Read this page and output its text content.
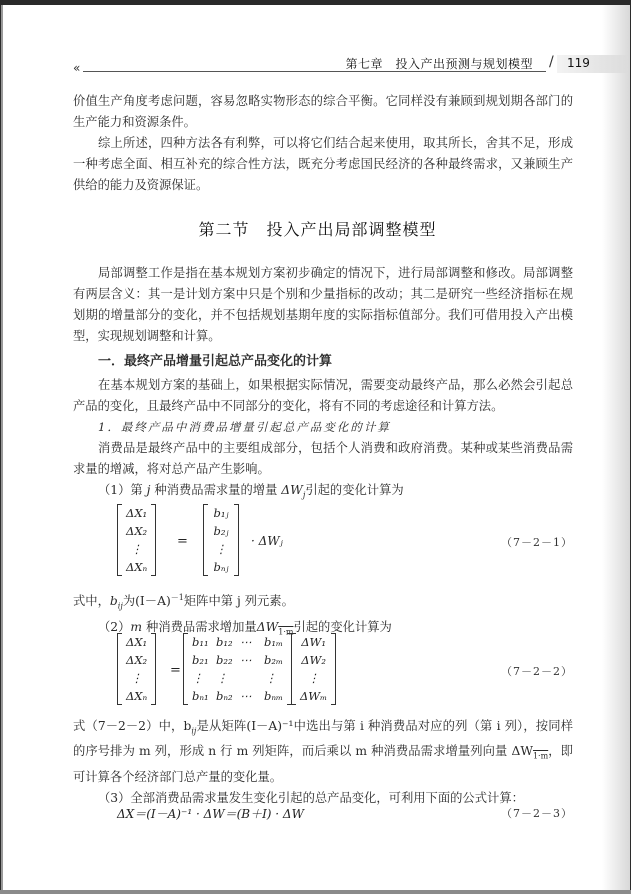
«	第七章　投入产出预测与规划模型 / 119

价值生产角度考虑问题，容易忽略实物形态的综合平衡。它同样没有兼顾到规划期各部门的生产能力和资源条件。

综上所述，四种方法各有利弊，可以将它们结合起来使用，取其所长，舍其不足，形成一种考虑全面、相互补充的综合性方法，既充分考虑国民经济的各种最终需求，又兼顾生产供给的能力及资源保证。

第二节　投入产出局部调整模型

局部调整工作是指在基本规划方案初步确定的情况下，进行局部调整和修改。局部调整有两层含义：其一是计划方案中只是个别和少量指标的改动；其二是研究一些经济指标在规划期的增量部分的变化，并不包括规划基期年度的实际指标值部分。我们可借用投入产出模型，实现规划调整和计算。

一．最终产品增量引起总产品变化的计算

在基本规划方案的基础上，如果根据实际情况，需要变动最终产品，那么必然会引起总产品的变化，且最终产品中不同部分的变化，将有不同的考虑途径和计算方法。

1．最终产品中消费品增量引起总产品变化的计算

消费品是最终产品中的主要组成部分，包括个人消费和政府消费。某种或某些消费品需求量的增减，将对总产品产生影响。

（1）第 j 种消费品需求量的增量 $\Delta W_j$引起的变化计算为

ΔX₁
ΔX₂
⋮
ΔXₙ
=
b₁ⱼ
b₂ⱼ
⋮
bₙⱼ
· ΔWⱼ	（7－2－1）

式中，$b_{ij}$为$(I-A)^{-1}$矩阵中第 j 列元素。

（2）m 种消费品需求增加量$\Delta W_{1\cdot m}$引起的变化计算为

ΔX₁
ΔX₂
⋮
ΔXₙ
=
b₁₁ b₁₂ ⋯	b₁ₘ
b₂₁ b₂₂ ⋯	b₂ₘ
⋮	⋮	⋮
bₙ₁ bₙ₂ ⋯	bₙₘ
ΔW₁
ΔW₂
⋮
ΔWₘ
（7－2－2）

式（7－2－2）中，$b_{ij}$是从矩阵(I－A)⁻¹中选出与第 i 种消费品对应的列（第 i 列），按同样的序号排为 m 列，形成 n 行 m 列矩阵，而后乘以 m 种消费品需求增量列向量 $\Delta W_{1\cdot m}$，即可计算各个经济部门总产量的变化量。

（3）全部消费品需求量发生变化引起的总产品变化，可利用下面的公式计算：

ΔX＝(I－A)⁻¹ · ΔW＝(B＋I) · ΔW	（7－2－3）
